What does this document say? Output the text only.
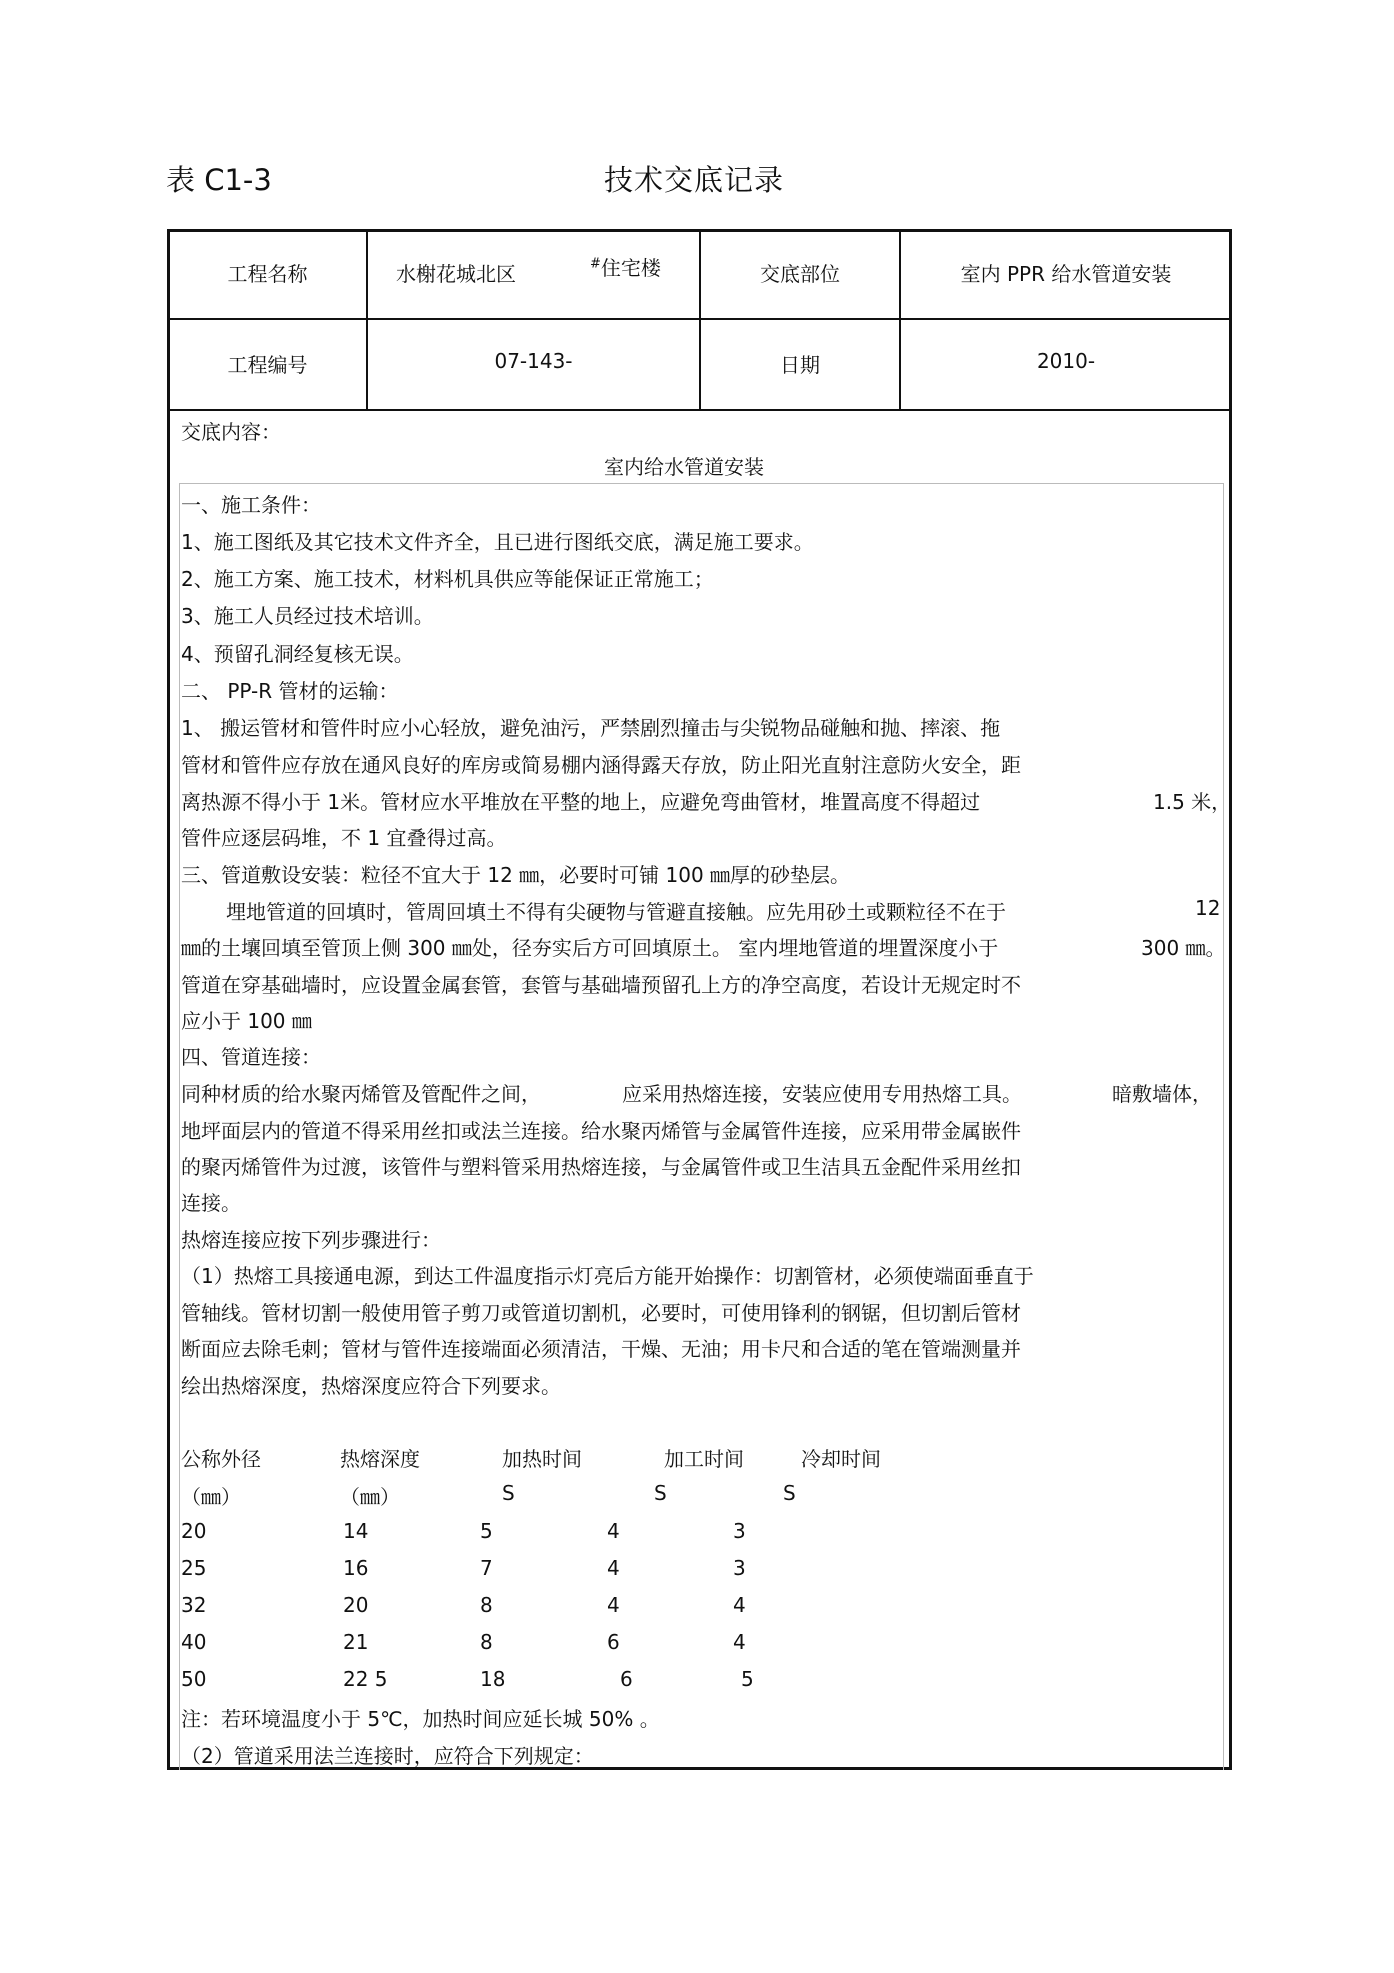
表 C1-3	技术交底记录
工程名称	水榭花城北区	#住宅楼	交底部位	室内 PPR 给水管道安装
工程编号	07-143-	日期	2010-
交底内容：
室内给水管道安装
一、施工条件：
1、施工图纸及其它技术文件齐全，且已进行图纸交底，满足施工要求。
2、施工方案、施工技术，材料机具供应等能保证正常施工；
3、施工人员经过技术培训。
4、预留孔洞经复核无误。
二、 PP-R 管材的运输：
1、 搬运管材和管件时应小心轻放，避免油污，严禁剧烈撞击与尖锐物品碰触和抛、摔滚、拖
管材和管件应存放在通风良好的库房或简易棚内涵得露天存放，防止阳光直射注意防火安全，距
离热源不得小于 1米。管材应水平堆放在平整的地上，应避免弯曲管材，堆置高度不得超过	1.5 米，
管件应逐层码堆，不 1 宜叠得过高。
三、管道敷设安装：粒径不宜大于 12 ㎜，必要时可铺 100 ㎜厚的砂垫层。
埋地管道的回填时，管周回填土不得有尖硬物与管避直接触。应先用砂土或颗粒径不在于	12
㎜的土壤回填至管顶上侧 300 ㎜处，径夯实后方可回填原土。 室内埋地管道的埋置深度小于	300 ㎜。
管道在穿基础墙时，应设置金属套管，套管与基础墙预留孔上方的净空高度，若设计无规定时不
应小于 100 ㎜
四、管道连接：
同种材质的给水聚丙烯管及管配件之间，	应采用热熔连接，安装应使用专用热熔工具。	暗敷墙体，
地坪面层内的管道不得采用丝扣或法兰连接。给水聚丙烯管与金属管件连接，应采用带金属嵌件
的聚丙烯管件为过渡，该管件与塑料管采用热熔连接，与金属管件或卫生洁具五金配件采用丝扣
连接。
热熔连接应按下列步骤进行：
（1）热熔工具接通电源，到达工件温度指示灯亮后方能开始操作：切割管材，必须使端面垂直于
管轴线。管材切割一般使用管子剪刀或管道切割机，必要时，可使用锋利的钢锯，但切割后管材
断面应去除毛刺；管材与管件连接端面必须清洁，干燥、无油；用卡尺和合适的笔在管端测量并
绘出热熔深度，热熔深度应符合下列要求。
公称外径	热熔深度	加热时间	加工时间	冷却时间
（㎜）	（㎜）	S	S	S
20	14	5	4	3
25	16	7	4	3
32	20	8	4	4
40	21	8	6	4
50	22 5	18	6	5
注：若环境温度小于 5℃，加热时间应延长城 50% 。
（2）管道采用法兰连接时，应符合下列规定：
